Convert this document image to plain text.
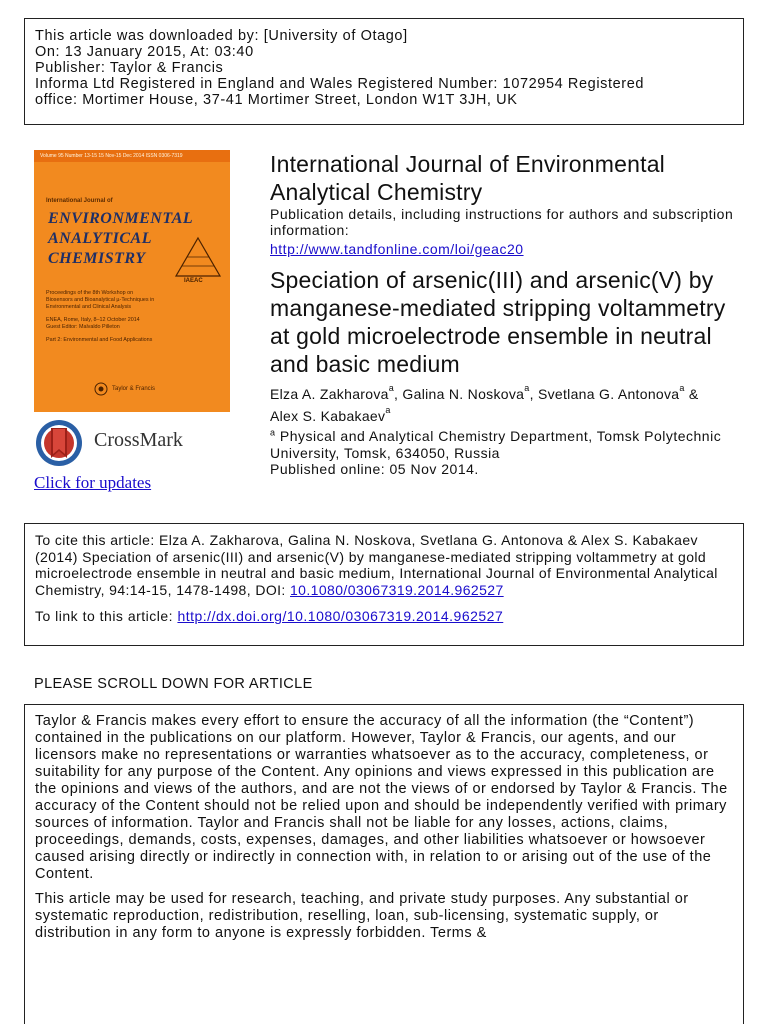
This article was downloaded by: [University of Otago]
On: 13 January 2015, At: 03:40
Publisher: Taylor & Francis
Informa Ltd Registered in England and Wales Registered Number: 1072954 Registered
office: Mortimer House, 37-41 Mortimer Street, London W1T 3JH, UK
Volume 95 Number 13-15 15 Nov-15 Dec 2014 ISSN 0306-7319
International Journal of
ENVIRONMENTAL
ANALYTICAL
CHEMISTRY
IAEAC
Proceedings of the 8th Workshop on
Biosensors and Bioanalytical µ-Techniques in
Environmental and Clinical Analysis
ENEA, Rome, Italy, 8–12 October 2014
Guest Editor: Malvaldo Pilleton
Part 2: Environmental and Food Applications
Taylor & Francis
CrossMark
Click for updates
International Journal of Environmental Analytical Chemistry
Publication details, including instructions for authors and subscription information:
http://www.tandfonline.com/loi/geac20
Speciation of arsenic(III) and arsenic(V) by manganese-mediated stripping voltammetry at gold microelectrode ensemble in neutral and basic medium
Elza A. Zakharova$^a$, Galina N. Noskova$^a$, Svetlana G. Antonova$^a$ &
Alex S. Kabakaev$^a$
$^a$ Physical and Analytical Chemistry Department, Tomsk Polytechnic University, Tomsk, 634050, Russia
Published online: 05 Nov 2014.
To cite this article: Elza A. Zakharova, Galina N. Noskova, Svetlana G. Antonova & Alex S. Kabakaev (2014) Speciation of arsenic(III) and arsenic(V) by manganese-mediated stripping voltammetry at gold microelectrode ensemble in neutral and basic medium, International Journal of Environmental Analytical Chemistry, 94:14-15, 1478-1498, DOI: 10.1080/03067319.2014.962527
To link to this article: http://dx.doi.org/10.1080/03067319.2014.962527
PLEASE SCROLL DOWN FOR ARTICLE

Taylor & Francis makes every effort to ensure the accuracy of all the information (the “Content”) contained in the publications on our platform. However, Taylor & Francis, our agents, and our licensors make no representations or warranties whatsoever as to the accuracy, completeness, or suitability for any purpose of the Content. Any opinions and views expressed in this publication are the opinions and views of the authors, and are not the views of or endorsed by Taylor & Francis. The accuracy of the Content should not be relied upon and should be independently verified with primary sources of information. Taylor and Francis shall not be liable for any losses, actions, claims, proceedings, demands, costs, expenses, damages, and other liabilities whatsoever or howsoever caused arising directly or indirectly in connection with, in relation to or arising out of the use of the Content.

This article may be used for research, teaching, and private study purposes. Any substantial or systematic reproduction, redistribution, reselling, loan, sub-licensing, systematic supply, or distribution in any form to anyone is expressly forbidden. Terms &
